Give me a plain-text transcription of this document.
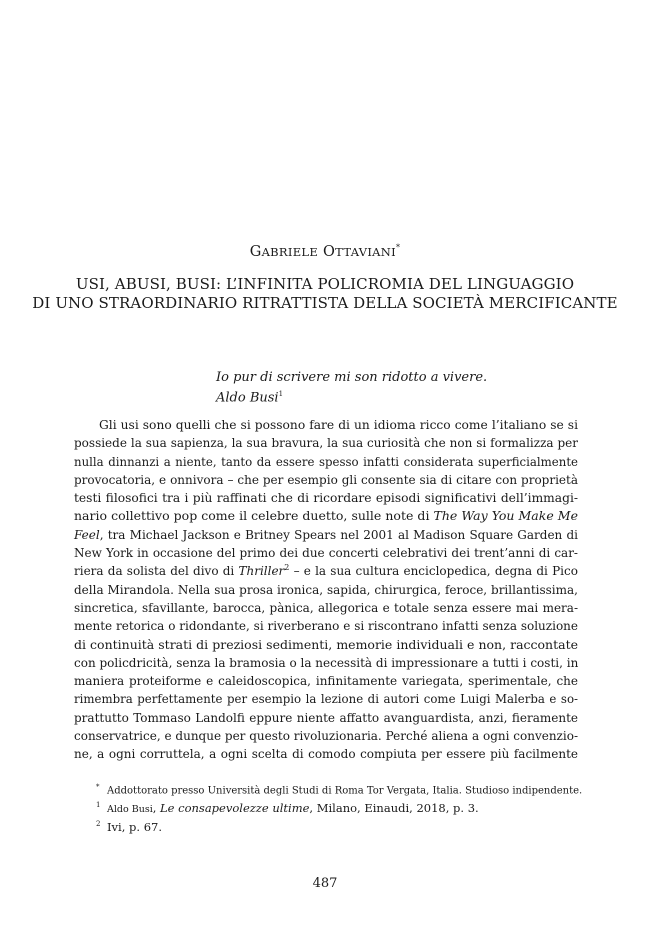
GABRIELE OTTAVIANI*
USI, ABUSI, BUSI: L’INFINITA POLICROMIA DEL LINGUAGGIO
DI UNO STRAORDINARIO RITRATTISTA DELLA SOCIETÀ MERCIFICANTE
Io pur di scrivere mi son ridotto a vivere.
Aldo Busi$^1$
Gli usi sono quelli che si possono fare di un idioma ricco come l’italiano se si
possiede la sua sapienza, la sua bravura, la sua curiosità che non si formalizza per
nulla dinnanzi a niente, tanto da essere spesso infatti considerata superficialmente
provocatoria, e onnivora – che per esempio gli consente sia di citare con proprietà
testi filosofici tra i più raffinati che di ricordare episodi significativi dell’immagi-
nario collettivo pop come il celebre duetto, sulle note di The Way You Make Me
Feel, tra Michael Jackson e Britney Spears nel 2001 al Madison Square Garden di
New York in occasione del primo dei due concerti celebrativi dei trent’anni di car-
riera da solista del divo di Thriller$^2$ – e la sua cultura enciclopedica, degna di Pico
della Mirandola. Nella sua prosa ironica, sapida, chirurgica, feroce, brillantissima,
sincretica, sfavillante, barocca, pànica, allegorica e totale senza essere mai mera-
mente retorica o ridondante, si riverberano e si riscontrano infatti senza soluzione
di continuità strati di preziosi sedimenti, memorie individuali e non, raccontate
con policdricità, senza la bramosia o la necessità di impressionare a tutti i costi, in
maniera proteiforme e caleidoscopica, infinitamente variegata, sperimentale, che
rimembra perfettamente per esempio la lezione di autori come Luigi Malerba e so-
prattutto Tommaso Landolfi eppure niente affatto avanguardista, anzi, fieramente
conservatrice, e dunque per questo rivoluzionaria. Perché aliena a ogni convenzio-
ne, a ogni corruttela, a ogni scelta di comodo compiuta per essere più facilmente
* Addottorato presso Università degli Studi di Roma Tor Vergata, Italia. Studioso indipendente.
$^1$ Aldo Busi, Le consapevolezze ultime, Milano, Einaudi, 2018, p. 3.
$^2$ Ivi, p. 67.
487
